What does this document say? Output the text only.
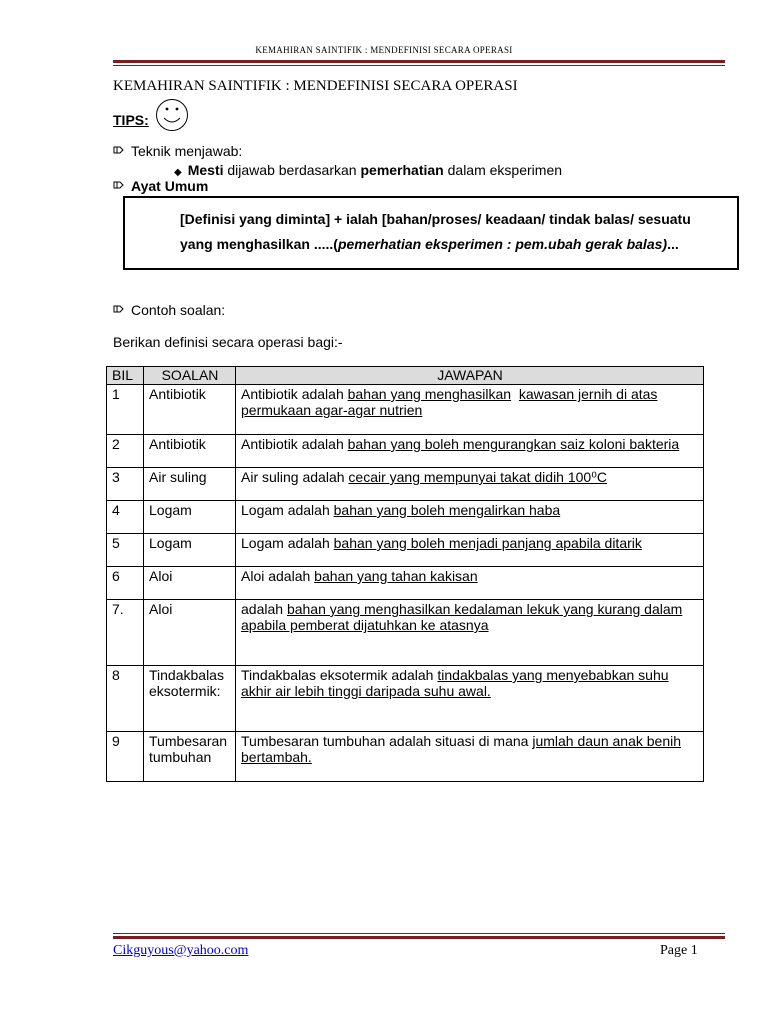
KEMAHIRAN SAINTIFIK : MENDEFINISI SECARA OPERASI
KEMAHIRAN SAINTIFIK : MENDEFINISI SECARA OPERASI
TIPS:
Teknik menjawab:
◆ Mesti dijawab berdasarkan pemerhatian dalam eksperimen
Ayat Umum
[Definisi yang diminta] + ialah [bahan/proses/ keadaan/ tindak balas/ sesuatu
yang menghasilkan .....(pemerhatian eksperimen : pem.ubah gerak balas)...
Contoh soalan:
Berikan definisi secara operasi bagi:-
BIL	SOALAN	JAWAPAN
1	Antibiotik	Antibiotik adalah bahan yang menghasilkan kawasan jernih di atas permukaan agar-agar nutrien
2	Antibiotik	Antibiotik adalah bahan yang boleh mengurangkan saiz koloni bakteria
3	Air suling	Air suling adalah cecair yang mempunyai takat didih 100⁰C
4	Logam	Logam adalah bahan yang boleh mengalirkan haba
5	Logam	Logam adalah bahan yang boleh menjadi panjang apabila ditarik
6	Aloi	Aloi adalah bahan yang tahan kakisan
7.	Aloi	adalah bahan yang menghasilkan kedalaman lekuk yang kurang dalam apabila pemberat dijatuhkan ke atasnya
8	Tindakbalas eksotermik:	Tindakbalas eksotermik adalah tindakbalas yang menyebabkan suhu akhir air lebih tinggi daripada suhu awal.
9	Tumbesaran tumbuhan	Tumbesaran tumbuhan adalah situasi di mana jumlah daun anak benih bertambah.
Cikguyous@yahoo.com	Page 1
